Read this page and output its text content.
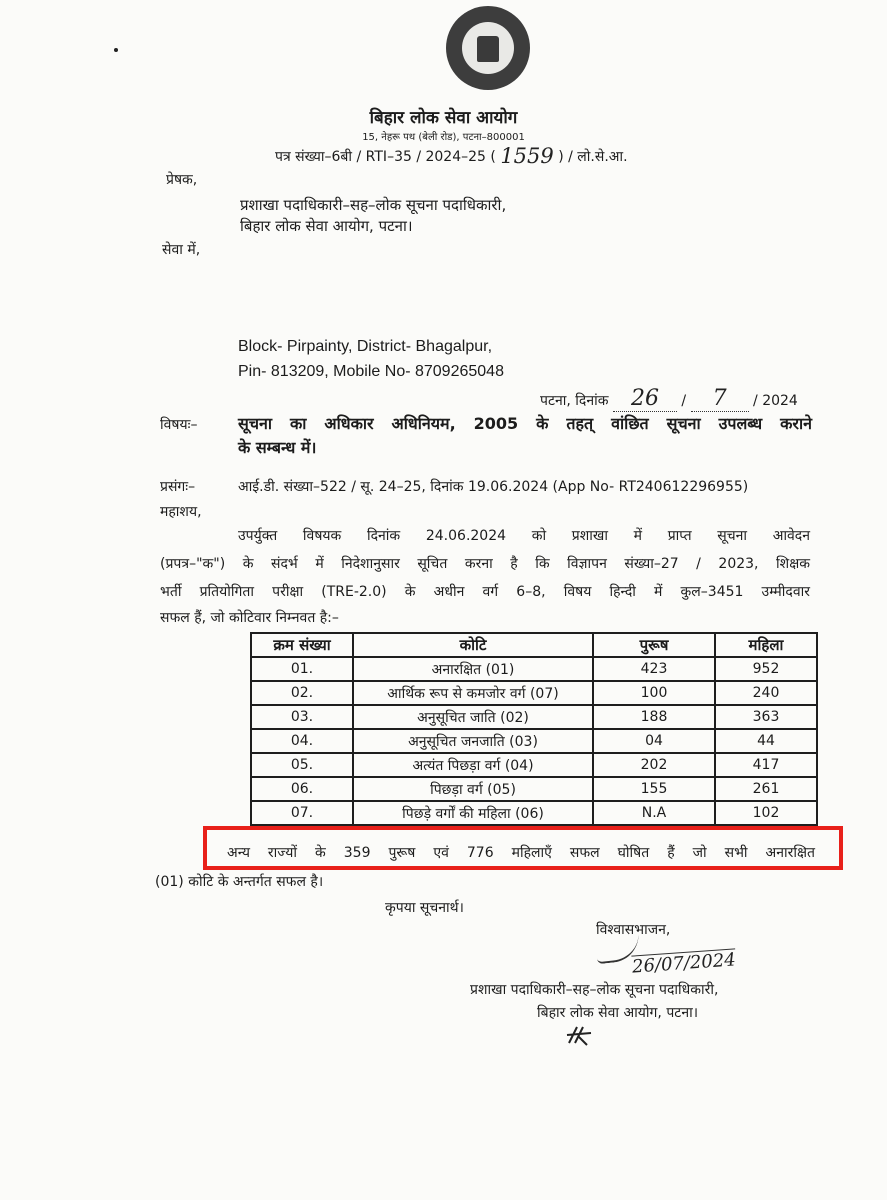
बिहार लोक सेवा आयोग
15, नेहरू पथ (बेली रोड), पटना–800001
पत्र संख्या–6बी / RTI–35 / 2024–25 ( 1559 ) / लो.से.आ.
प्रेषक,
प्रशाखा पदाधिकारी–सह–लोक सूचना पदाधिकारी,
बिहार लोक सेवा आयोग, पटना।
सेवा में,
Block- Pirpainty, District- Bhagalpur,
Pin- 813209, Mobile No- 8709265048
पटना, दिनांक 26 / 7 / 2024
विषयः–	सूचना का अधिकार अधिनियम, 2005 के तहत् वांछित सूचना उपलब्ध कराने
के सम्बन्ध में।
प्रसंगः–	आई.डी. संख्या–522 / सू. 24–25, दिनांक 19.06.2024 (App No- RT240612296955)
महाशय,
उपर्युक्त विषयक दिनांक 24.06.2024 को प्रशाखा में प्राप्त सूचना आवेदन
(प्रपत्र–"क") के संदर्भ में निदेशानुसार सूचित करना है कि विज्ञापन संख्या–27 / 2023, शिक्षक
भर्ती प्रतियोगिता परीक्षा (TRE-2.0) के अधीन वर्ग 6–8, विषय हिन्दी में कुल–3451 उम्मीदवार
सफल हैं, जो कोटिवार निम्नवत है:–
क्रम संख्या	कोटि	पुरूष	महिला
01.	अनारक्षित (01)	423	952
02.	आर्थिक रूप से कमजोर वर्ग (07)	100	240
03.	अनुसूचित जाति (02)	188	363
04.	अनुसूचित जनजाति (03)	04	44
05.	अत्यंत पिछड़ा वर्ग (04)	202	417
06.	पिछड़ा वर्ग (05)	155	261
07.	पिछड़े वर्गों की महिला (06)	N.A	102
अन्य राज्यों के 359 पुरूष एवं 776 महिलाएँ सफल घोषित हैं जो सभी अनारक्षित
(01) कोटि के अन्तर्गत सफल है।
कृपया सूचनार्थ।
विश्वासभाजन,
26/07/2024
प्रशाखा पदाधिकारी–सह–लोक सूचना पदाधिकारी,
बिहार लोक सेवा आयोग, पटना।
